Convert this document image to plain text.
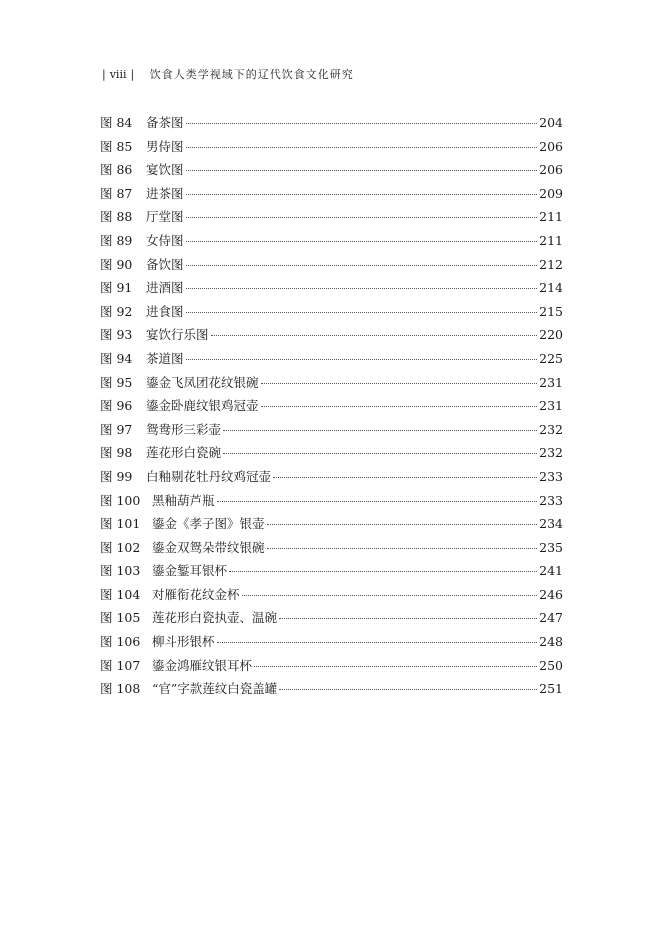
| viii | 饮食人类学视域下的辽代饮食文化研究
图 84	备茶图	204
图 85	男侍图	206
图 86	宴饮图	206
图 87	进茶图	209
图 88	厅堂图	211
图 89	女侍图	211
图 90	备饮图	212
图 91	进酒图	214
图 92	进食图	215
图 93	宴饮行乐图	220
图 94	茶道图	225
图 95	鎏金飞凤团花纹银碗	231
图 96	鎏金卧鹿纹银鸡冠壶	231
图 97	鸳鸯形三彩壶	232
图 98	莲花形白瓷碗	232
图 99	白釉剔花牡丹纹鸡冠壶	233
图 100 黑釉葫芦瓶	233
图 101 鎏金《孝子图》银壶	234
图 102 鎏金双鸳朵带纹银碗	235
图 103 鎏金錾耳银杯	241
图 104 对雁衔花纹金杯	246
图 105 莲花形白瓷执壶、温碗	247
图 106 柳斗形银杯	248
图 107 鎏金鸿雁纹银耳杯	250
图 108 “官”字款莲纹白瓷盖罐	251
